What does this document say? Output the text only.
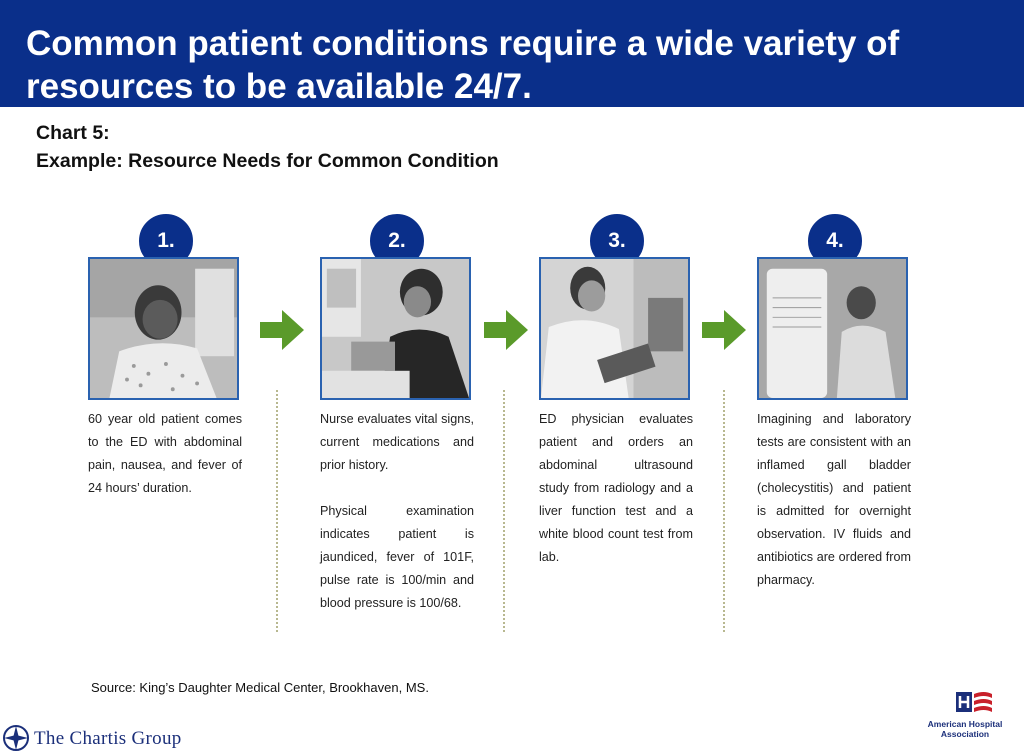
Common patient conditions require a wide variety of resources to be available 24/7.
Chart 5:
Example: Resource Needs for Common Condition
1.

60 year old patient comes to the ED with abdominal pain, nausea, and fever of 24 hours’ duration.

2.

Nurse evaluates vital signs, current medications and prior history.

Physical examination indicates patient is jaundiced, fever of 101F, pulse rate is 100/min and blood pressure is 100/68.

3.

ED physician evaluates patient and orders an abdominal ultrasound study from radiology and a liver function test and a white blood count test from lab.

4.

Imagining and laboratory tests are consistent with an inflamed gall bladder (cholecystitis) and patient is admitted for overnight observation. IV fluids and antibiotics are ordered from pharmacy.

Source: King’s Daughter Medical Center, Brookhaven, MS.
The Chartis Group
American Hospital
Association
